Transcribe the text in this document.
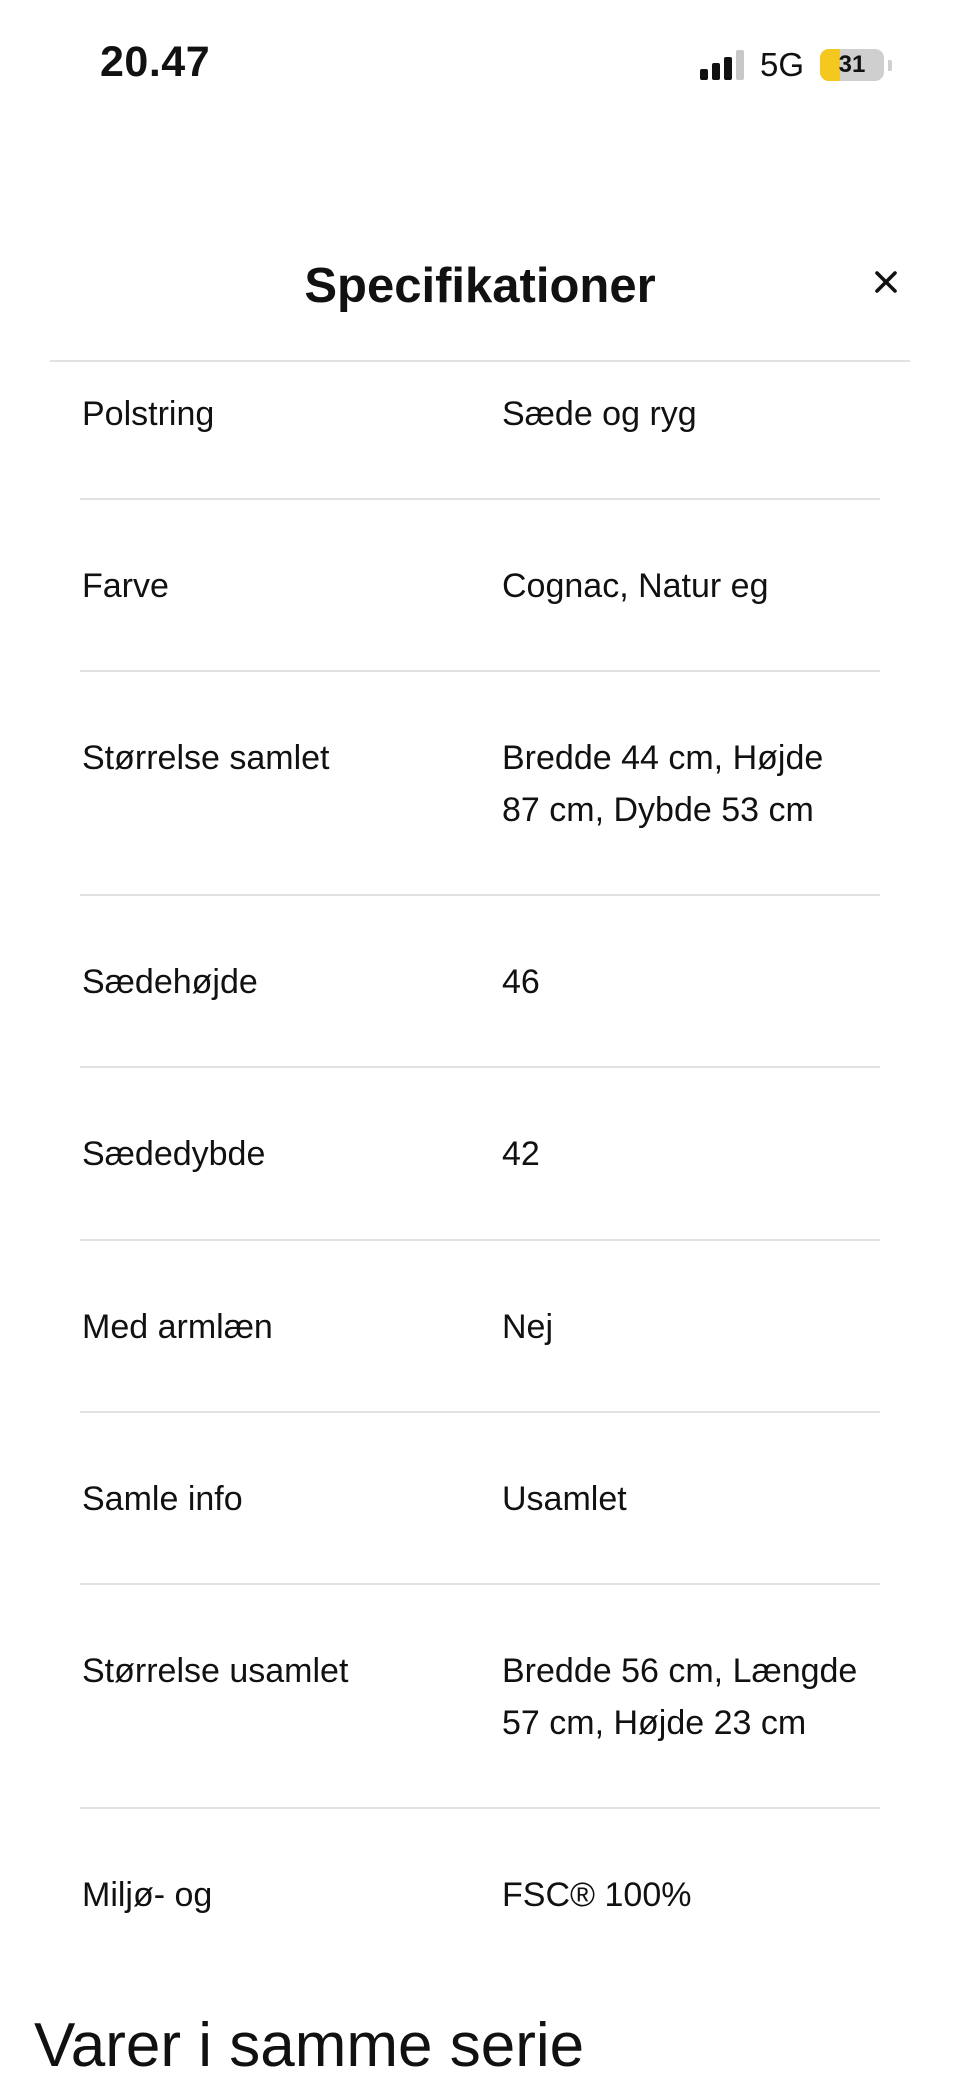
20.47	5G 31
Specifikationer
Polstring	Sæde og ryg
Farve	Cognac, Natur eg
Størrelse samlet	Bredde 44 cm, Højde
87 cm, Dybde 53 cm
Sædehøjde	46
Sædedybde	42
Med armlæn	Nej
Samle info	Usamlet
Størrelse usamlet	Bredde 56 cm, Længde
57 cm, Højde 23 cm
Miljø- og	FSC® 100%
Varer i samme serie
